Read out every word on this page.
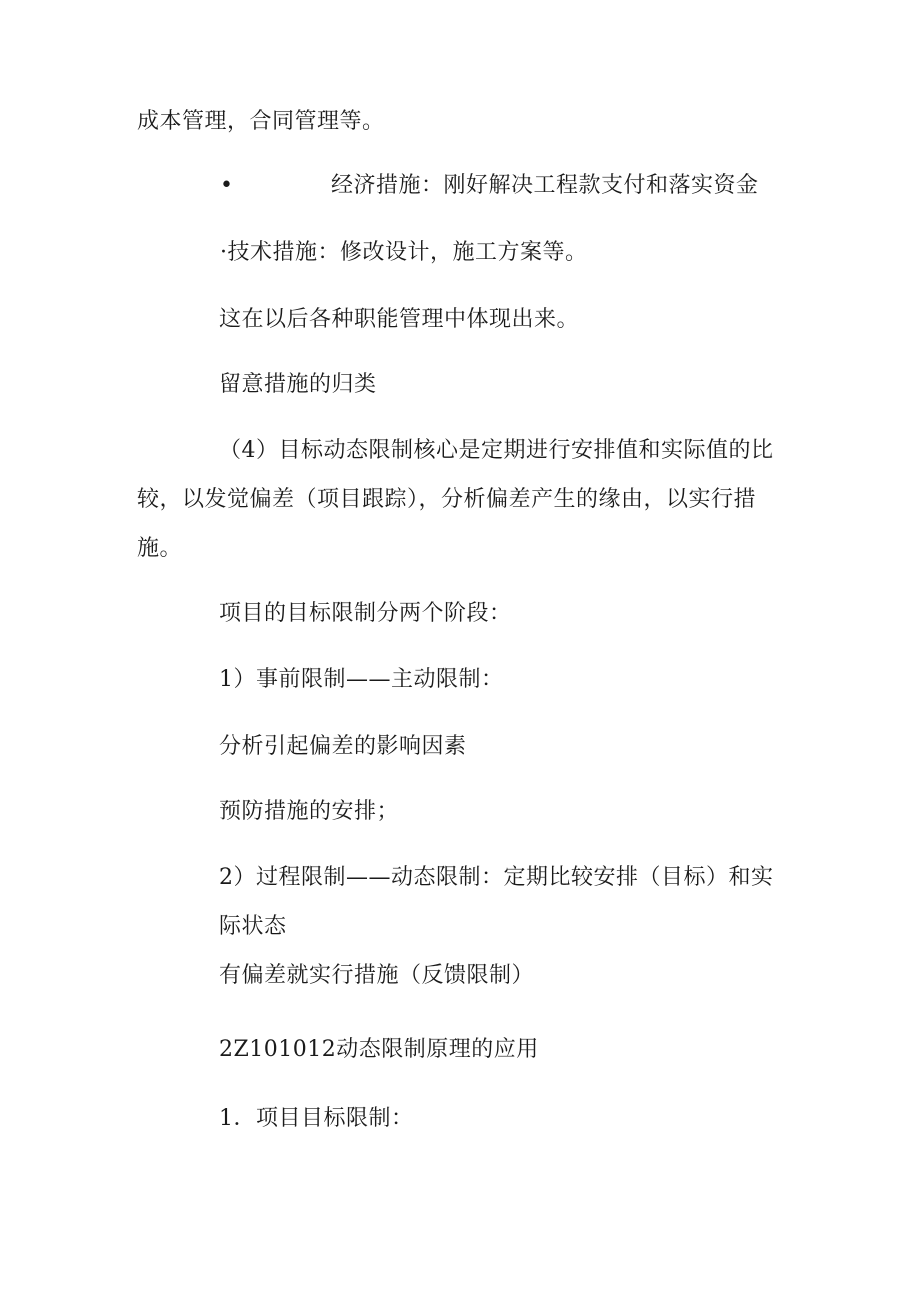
成本管理，合同管理等。
•	经济措施：刚好解决工程款支付和落实资金
·技术措施：修改设计，施工方案等。
这在以后各种职能管理中体现出来。
留意措施的归类
（4）目标动态限制核心是定期进行安排值和实际值的比
较，以发觉偏差（项目跟踪），分析偏差产生的缘由，以实行措
施。
项目的目标限制分两个阶段：
1）事前限制——主动限制：
分析引起偏差的影响因素
预防措施的安排；
2）过程限制——动态限制：定期比较安排（目标）和实
际状态
有偏差就实行措施（反馈限制）
2Z101012动态限制原理的应用
1．项目目标限制：
